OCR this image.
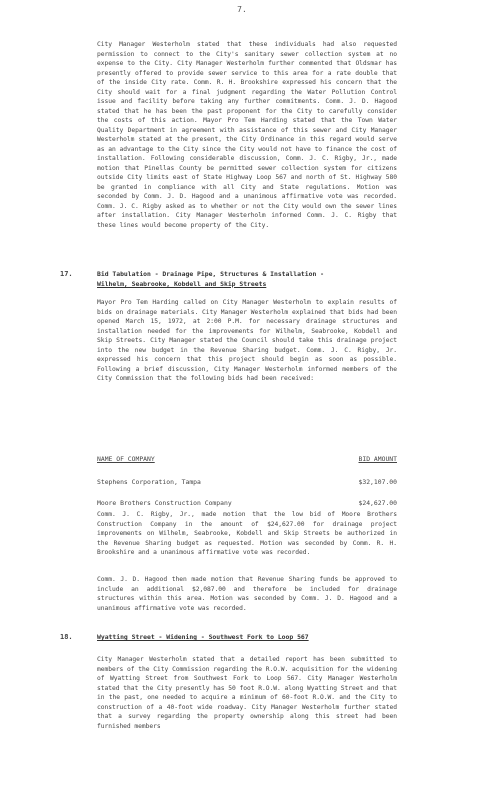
7.
City Manager Westerholm stated that these individuals had also requested permission to connect to the City's sanitary sewer collection system at no expense to the City. City Manager Westerholm further commented that Oldsmar has presently offered to provide sewer service to this area for a rate double that of the inside City rate. Comm. R. H. Brookshire expressed his concern that the City should wait for a final judgment regarding the Water Pollution Control issue and facility before taking any further commitments. Comm. J. D. Hagood stated that he has been the past proponent for the City to carefully consider the costs of this action. Mayor Pro Tem Harding stated that the Town Water Quality Department in agreement with assistance of this sewer and City Manager Westerholm stated at the present, the City Ordinance in this regard would serve as an advantage to the City since the City would not have to finance the cost of installation. Following considerable discussion, Comm. J. C. Rigby, Jr., made motion that Pinellas County be permitted sewer collection system for citizens outside City limits east of State Highway Loop 567 and north of St. Highway 580 be granted in compliance with all City and State regulations. Motion was seconded by Comm. J. D. Hagood and a unanimous affirmative vote was recorded. Comm. J. C. Rigby asked as to whether or not the City would own the sewer lines after installation. City Manager Westerholm informed Comm. J. C. Rigby that these lines would become property of the City.
17.	Bid Tabulation - Drainage Pipe, Structures & Installation -
Wilhelm, Seabrooke, Kobdell and Skip Streets
Mayor Pro Tem Harding called on City Manager Westerholm to explain results of bids on drainage materials. City Manager Westerholm explained that bids had been opened March 15, 1972, at 2:00 P.M. for necessary drainage structures and installation needed for the improvements for Wilhelm, Seabrooke, Kobdell and Skip Streets. City Manager stated the Council should take this drainage project into the new budget in the Revenue Sharing budget. Comm. J. C. Rigby, Jr. expressed his concern that this project should begin as soon as possible. Following a brief discussion, City Manager Westerholm informed members of the City Commission that the following bids had been received:
NAME OF COMPANY	BID AMOUNT
Stephens Corporation, Tampa	$32,107.00
Moore Brothers Construction Company	$24,627.00
Comm. J. C. Rigby, Jr., made motion that the low bid of Moore Brothers Construction Company in the amount of $24,627.00 for drainage project improvements on Wilhelm, Seabrooke, Kobdell and Skip Streets be authorized in the Revenue Sharing budget as requested. Motion was seconded by Comm. R. H. Brookshire and a unanimous affirmative vote was recorded.
Comm. J. D. Hagood then made motion that Revenue Sharing funds be approved to include an additional $2,087.00 and therefore be included for drainage structures within this area. Motion was seconded by Comm. J. D. Hagood and a unanimous affirmative vote was recorded.
18.	Wyatting Street - Widening - Southwest Fork to Loop 567
City Manager Westerholm stated that a detailed report has been submitted to members of the City Commission regarding the R.O.W. acquisition for the widening of Wyatting Street from Southwest Fork to Loop 567. City Manager Westerholm stated that the City presently has 50 foot R.O.W. along Wyatting Street and that in the past, one needed to acquire a minimum of 60-foot R.O.W. and the City to construction of a 40-foot wide roadway. City Manager Westerholm further stated that a survey regarding the property ownership along this street had been furnished members
